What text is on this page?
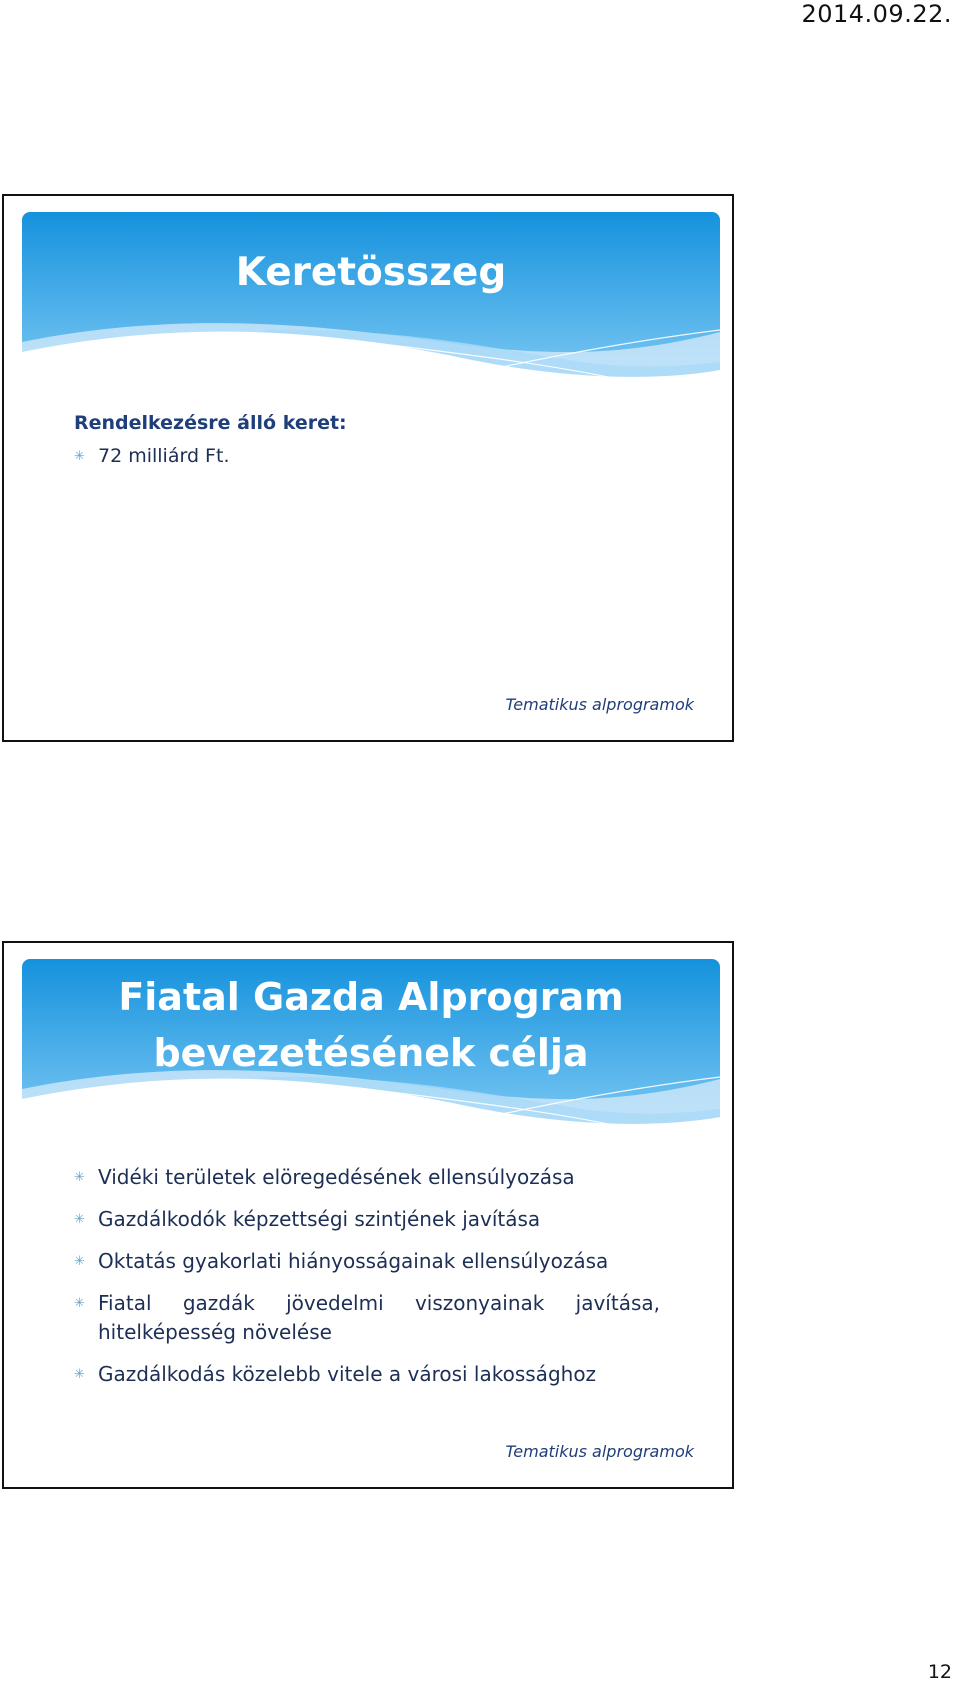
2014.09.22.
Keretösszeg

Rendelkezésre álló keret:

✳ 72 milliárd Ft.
Tematikus alprogramok
Fiatal Gazda Alprogram
bevezetésének célja
✳ Vidéki területek elöregedésének ellensúlyozása
✳ Gazdálkodók képzettségi szintjének javítása
✳ Oktatás gyakorlati hiányosságainak ellensúlyozása
✳ Fiatal gazdák jövedelmi viszonyainak javítása, hitelképesség növelése
✳ Gazdálkodás közelebb vitele a városi lakossághoz
Tematikus alprogramok
12
